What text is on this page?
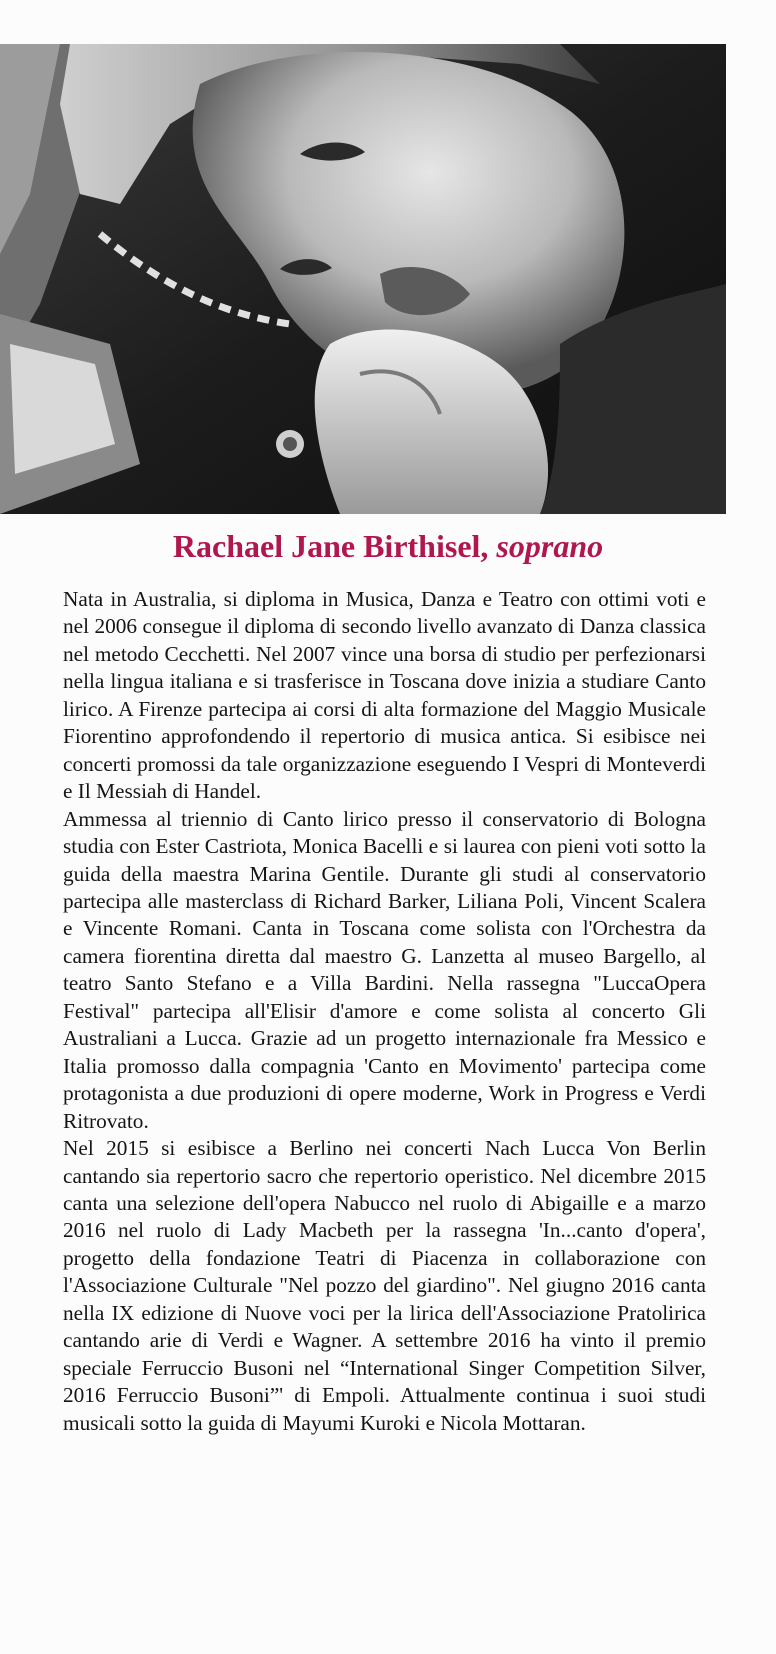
Rachael Jane Birthisel, soprano

Nata in Australia, si diploma in Musica, Danza e Teatro con ottimi voti e nel 2006 consegue il diploma di secondo livello avanzato di Danza classica nel metodo Cecchetti. Nel 2007 vince una borsa di studio per perfezionarsi nella lingua italiana e si trasferisce in Toscana dove inizia a studiare Canto lirico. A Firenze partecipa ai corsi di alta formazione del Maggio Musicale Fiorentino approfondendo il repertorio di musica antica. Si esibisce nei concerti promossi da tale organizzazione eseguendo I Vespri di Monteverdi e Il Messiah di Handel.

Ammessa al triennio di Canto lirico presso il conservatorio di Bologna studia con Ester Castriota, Monica Bacelli e si laurea con pieni voti sotto la guida della maestra Marina Gentile. Durante gli studi al conservatorio partecipa alle masterclass di Richard Barker, Liliana Poli, Vincent Scalera e Vincente Romani. Canta in Toscana come solista con l'Orchestra da camera fiorentina diretta dal maestro G. Lanzetta al museo Bargello, al teatro Santo Stefano e a Villa Bardini. Nella rassegna "LuccaOpera Festival" partecipa all'Elisir d'amore e come solista al concerto Gli Australiani a Lucca. Grazie ad un progetto internazionale fra Messico e Italia promosso dalla compagnia 'Canto en Movimento' partecipa come protagonista a due produzioni di opere moderne, Work in Progress e Verdi Ritrovato.

Nel 2015 si esibisce a Berlino nei concerti Nach Lucca Von Berlin cantando sia repertorio sacro che repertorio operistico. Nel dicembre 2015 canta una selezione dell'opera Nabucco nel ruolo di Abigaille e a marzo 2016 nel ruolo di Lady Macbeth per la rassegna 'In...canto d'opera', progetto della fondazione Teatri di Piacenza in collaborazione con l'Associazione Culturale "Nel pozzo del giardino". Nel giugno 2016 canta nella IX edizione di Nuove voci per la lirica dell'Associazione Pratolirica cantando arie di Verdi e Wagner. A settembre 2016 ha vinto il premio speciale Ferruccio Busoni nel “International Singer Competition Silver, 2016 Ferruccio Busoni”' di Empoli. Attualmente continua i suoi studi musicali sotto la guida di Mayumi Kuroki e Nicola Mottaran.
